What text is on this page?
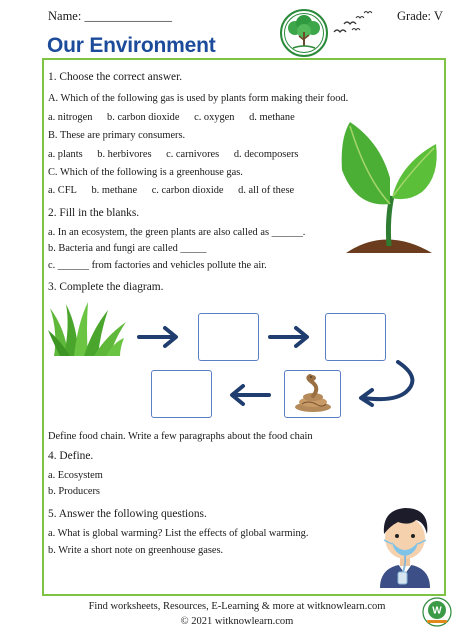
Name: ______________	Grade: V
Our Environment
1. Choose the correct answer.
A. Which of the following gas is used by plants form making their food.
a. nitrogen b. carbon dioxide c. oxygen d. methane
B. These are primary consumers.
a. plants b. herbivores c. carnivores d. decomposers
C. Which of the following is a greenhouse gas.
a. CFL b. methane c. carbon dioxide d. all of these
2. Fill in the blanks.
a. In an ecosystem, the green plants are also called as ______.
b. Bacteria and fungi are called _____
c. ______ from factories and vehicles pollute the air.
3. Complete the diagram.
Define food chain. Write a few paragraphs about the food chain
4. Define.
a. Ecosystem
b. Producers
5. Answer the following questions.
a. What is global warming? List the effects of global warming.
b. Write a short note on greenhouse gases.
Find worksheets, Resources, E-Learning & more at witknowlearn.com
© 2021 witknowlearn.com
W
